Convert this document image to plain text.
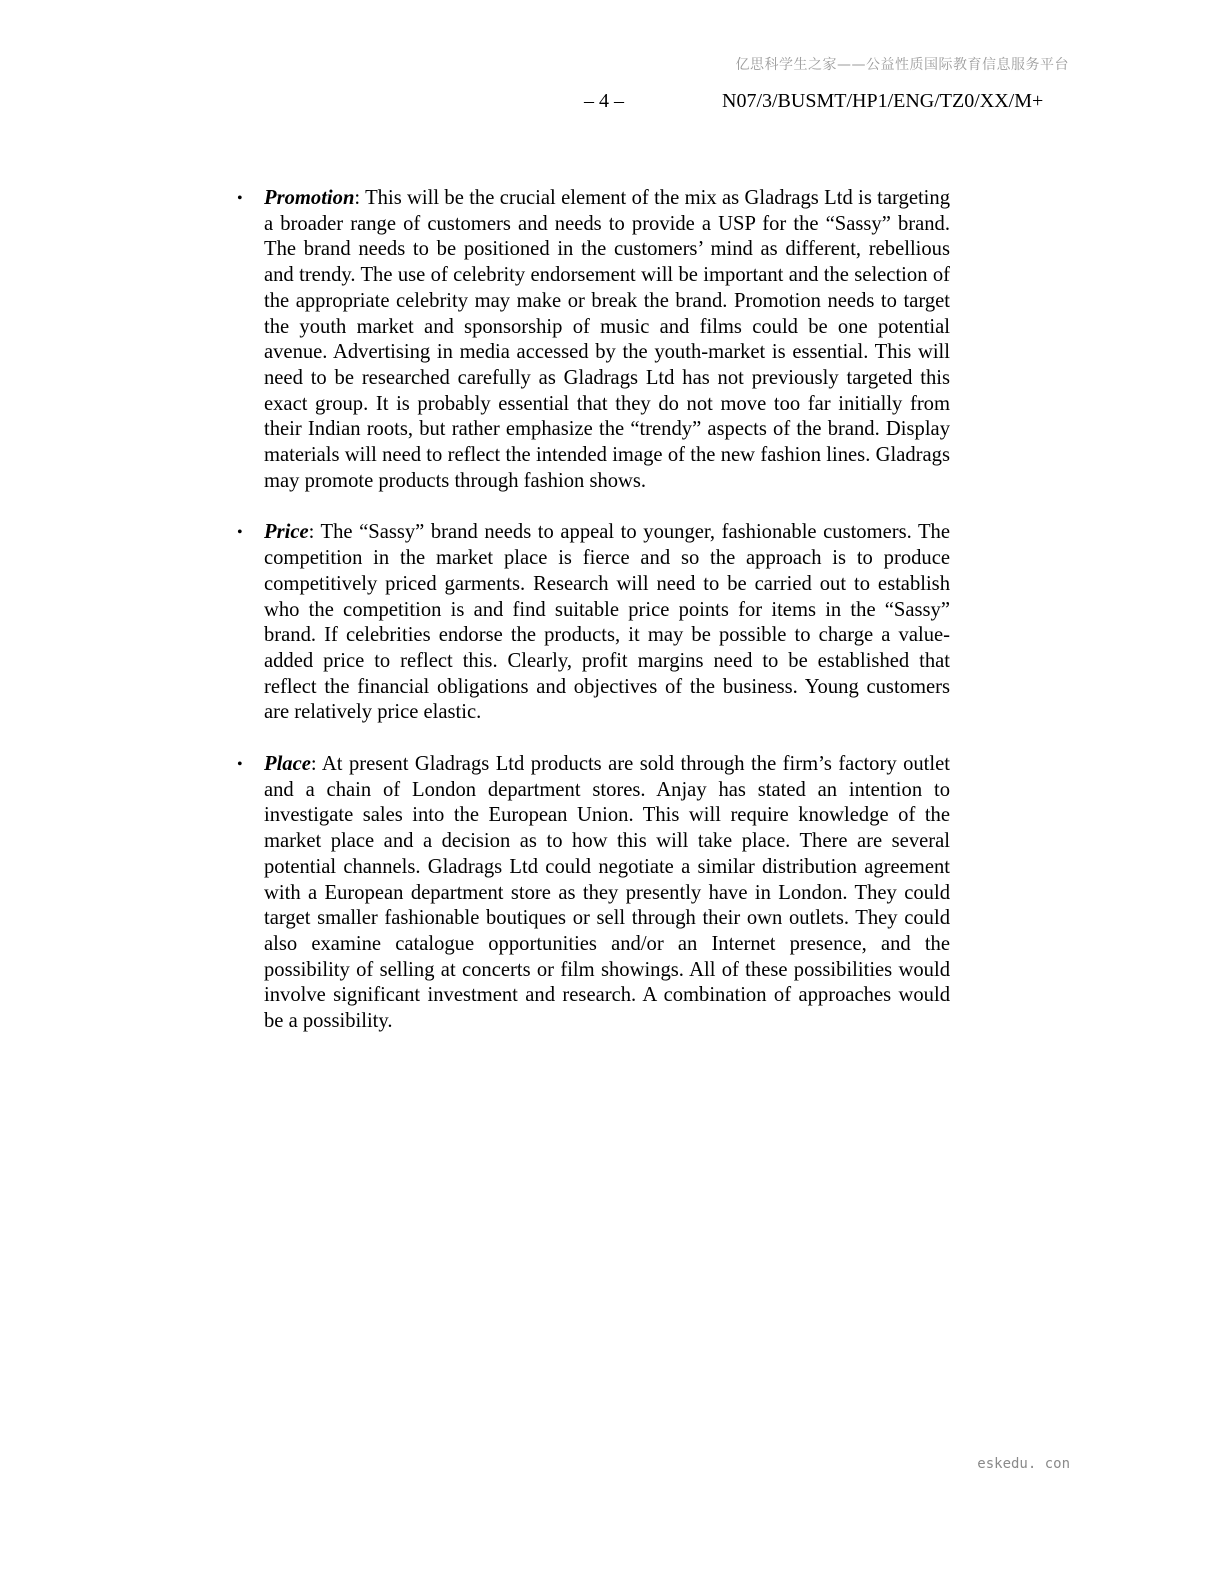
亿思科学生之家——公益性质国际教育信息服务平台
– 4 –	N07/3/BUSMT/HP1/ENG/TZ0/XX/M+
• Promotion: This will be the crucial element of the mix as Gladrags Ltd is targeting a broader range of customers and needs to provide a USP for the “Sassy” brand. The brand needs to be positioned in the customers’ mind as different, rebellious and trendy. The use of celebrity endorsement will be important and the selection of the appropriate celebrity may make or break the brand. Promotion needs to target the youth market and sponsorship of music and films could be one potential avenue. Advertising in media accessed by the youth-market is essential. This will need to be researched carefully as Gladrags Ltd has not previously targeted this exact group. It is probably essential that they do not move too far initially from their Indian roots, but rather emphasize the “trendy” aspects of the brand. Display materials will need to reflect the intended image of the new fashion lines. Gladrags may promote products through fashion shows.
• Price: The “Sassy” brand needs to appeal to younger, fashionable customers. The competition in the market place is fierce and so the approach is to produce competitively priced garments. Research will need to be carried out to establish who the competition is and find suitable price points for items in the “Sassy” brand. If celebrities endorse the products, it may be possible to charge a value-added price to reflect this. Clearly, profit margins need to be established that reflect the financial obligations and objectives of the business. Young customers are relatively price elastic.
• Place: At present Gladrags Ltd products are sold through the firm’s factory outlet and a chain of London department stores. Anjay has stated an intention to investigate sales into the European Union. This will require knowledge of the market place and a decision as to how this will take place. There are several potential channels. Gladrags Ltd could negotiate a similar distribution agreement with a European department store as they presently have in London. They could target smaller fashionable boutiques or sell through their own outlets. They could also examine catalogue opportunities and/or an Internet presence, and the possibility of selling at concerts or film showings. All of these possibilities would involve significant investment and research. A combination of approaches would be a possibility.
eskedu. con
